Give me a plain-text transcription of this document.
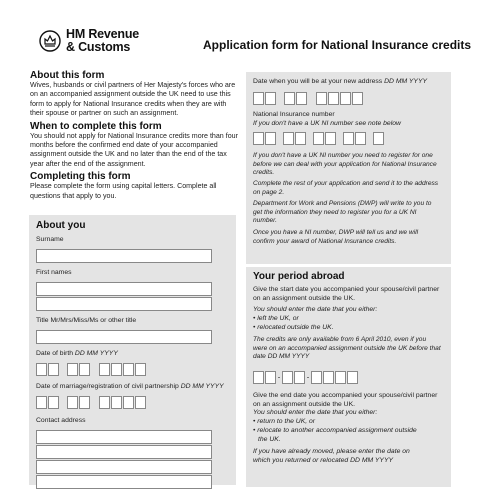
HM Revenue
& Customs	Application form for National Insurance credits
About this form

Wives, husbands or civil partners of Her Majesty's forces who are on an accompanied assignment outside the UK need to use this form to apply for National Insurance credits when they are with their spouse or partner on such an assignment.

When to complete this form

You should not apply for National Insurance credits more than four months before the confirmed end date of your accompanied assignment outside the UK and no later than the end of the tax year after the end of the assignment.

Completing this form

Please complete the form using capital letters. Complete all questions that apply to you.

About you
Surname
First names
Title Mr/Mrs/Miss/Ms or other title
Date of birth DD MM YYYY
Date of marriage/registration of civil partnership DD MM YYYY
Contact address
Date when you will be at your new address DD MM YYYY
National Insurance number
If you don't have a UK NI number see note below
If you don't have a UK NI number you need to register for one before we can deal with your application for National Insurance credits.
Complete the rest of your application and send it to the address on page 2.
Department for Work and Pensions (DWP) will write to you to get the information they need to register you for a UK NI number.
Once you have a NI number, DWP will tell us and we will confirm your award of National Insurance credits.
Your period abroad
Give the start date you accompanied your spouse/civil partner on an assignment outside the UK.
You should enter the date that you either:
• left the UK, or
• relocated outside the UK.
The credits are only available from 6 April 2010, even if you were on an accompanied assignment outside the UK before that date DD MM YYYY
Give the end date you accompanied your spouse/civil partner on an assignment outside the UK.
You should enter the date that you either:
• return to the UK, or
• relocate to another accompanied assignment outside
the UK.
If you have already moved, please enter the date on
which you returned or relocated DD MM YYYY
